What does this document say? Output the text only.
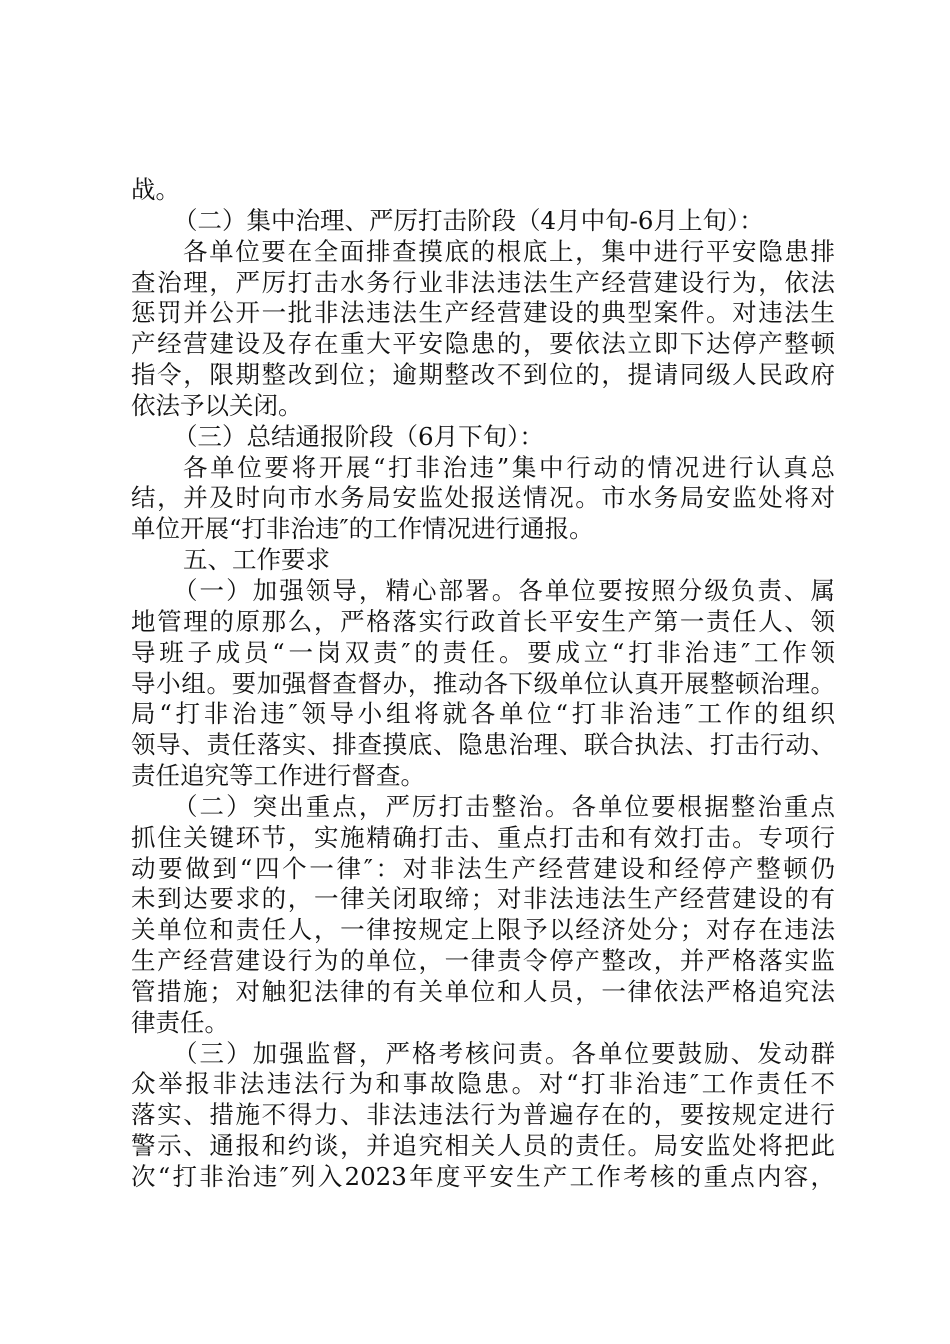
战。
（二）集中治理、严厉打击阶段（4月中旬-6月上旬）：
各单位要在全面排查摸底的根底上，集中进行平安隐患排
查治理，严厉打击水务行业非法违法生产经营建设行为，依法
惩罚并公开一批非法违法生产经营建设的典型案件。对违法生
产经营建设及存在重大平安隐患的，要依法立即下达停产整顿
指令，限期整改到位；逾期整改不到位的，提请同级人民政府
依法予以关闭。
（三）总结通报阶段（6月下旬）：
各单位要将开展“打非治违”集中行动的情况进行认真总
结，并及时向市水务局安监处报送情况。市水务局安监处将对
单位开展“打非治违″的工作情况进行通报。
五、工作要求
（一）加强领导，精心部署。各单位要按照分级负责、属
地管理的原那么，严格落实行政首长平安生产第一责任人、领
导班子成员“一岗双责″的责任。要成立“打非治违″工作领
导小组。要加强督查督办，推动各下级单位认真开展整顿治理。
局“打非治违″领导小组将就各单位“打非治违″工作的组织
领导、责任落实、排查摸底、隐患治理、联合执法、打击行动、
责任追究等工作进行督查。
（二）突出重点，严厉打击整治。各单位要根据整治重点
抓住关键环节，实施精确打击、重点打击和有效打击。专项行
动要做到“四个一律″：对非法生产经营建设和经停产整顿仍
未到达要求的，一律关闭取缔；对非法违法生产经营建设的有
关单位和责任人，一律按规定上限予以经济处分；对存在违法
生产经营建设行为的单位，一律责令停产整改，并严格落实监
管措施；对触犯法律的有关单位和人员，一律依法严格追究法
律责任。
（三）加强监督，严格考核问责。各单位要鼓励、发动群
众举报非法违法行为和事故隐患。对“打非治违″工作责任不
落实、措施不得力、非法违法行为普遍存在的，要按规定进行
警示、通报和约谈，并追究相关人员的责任。局安监处将把此
次“打非治违″列入2023年度平安生产工作考核的重点内容，
